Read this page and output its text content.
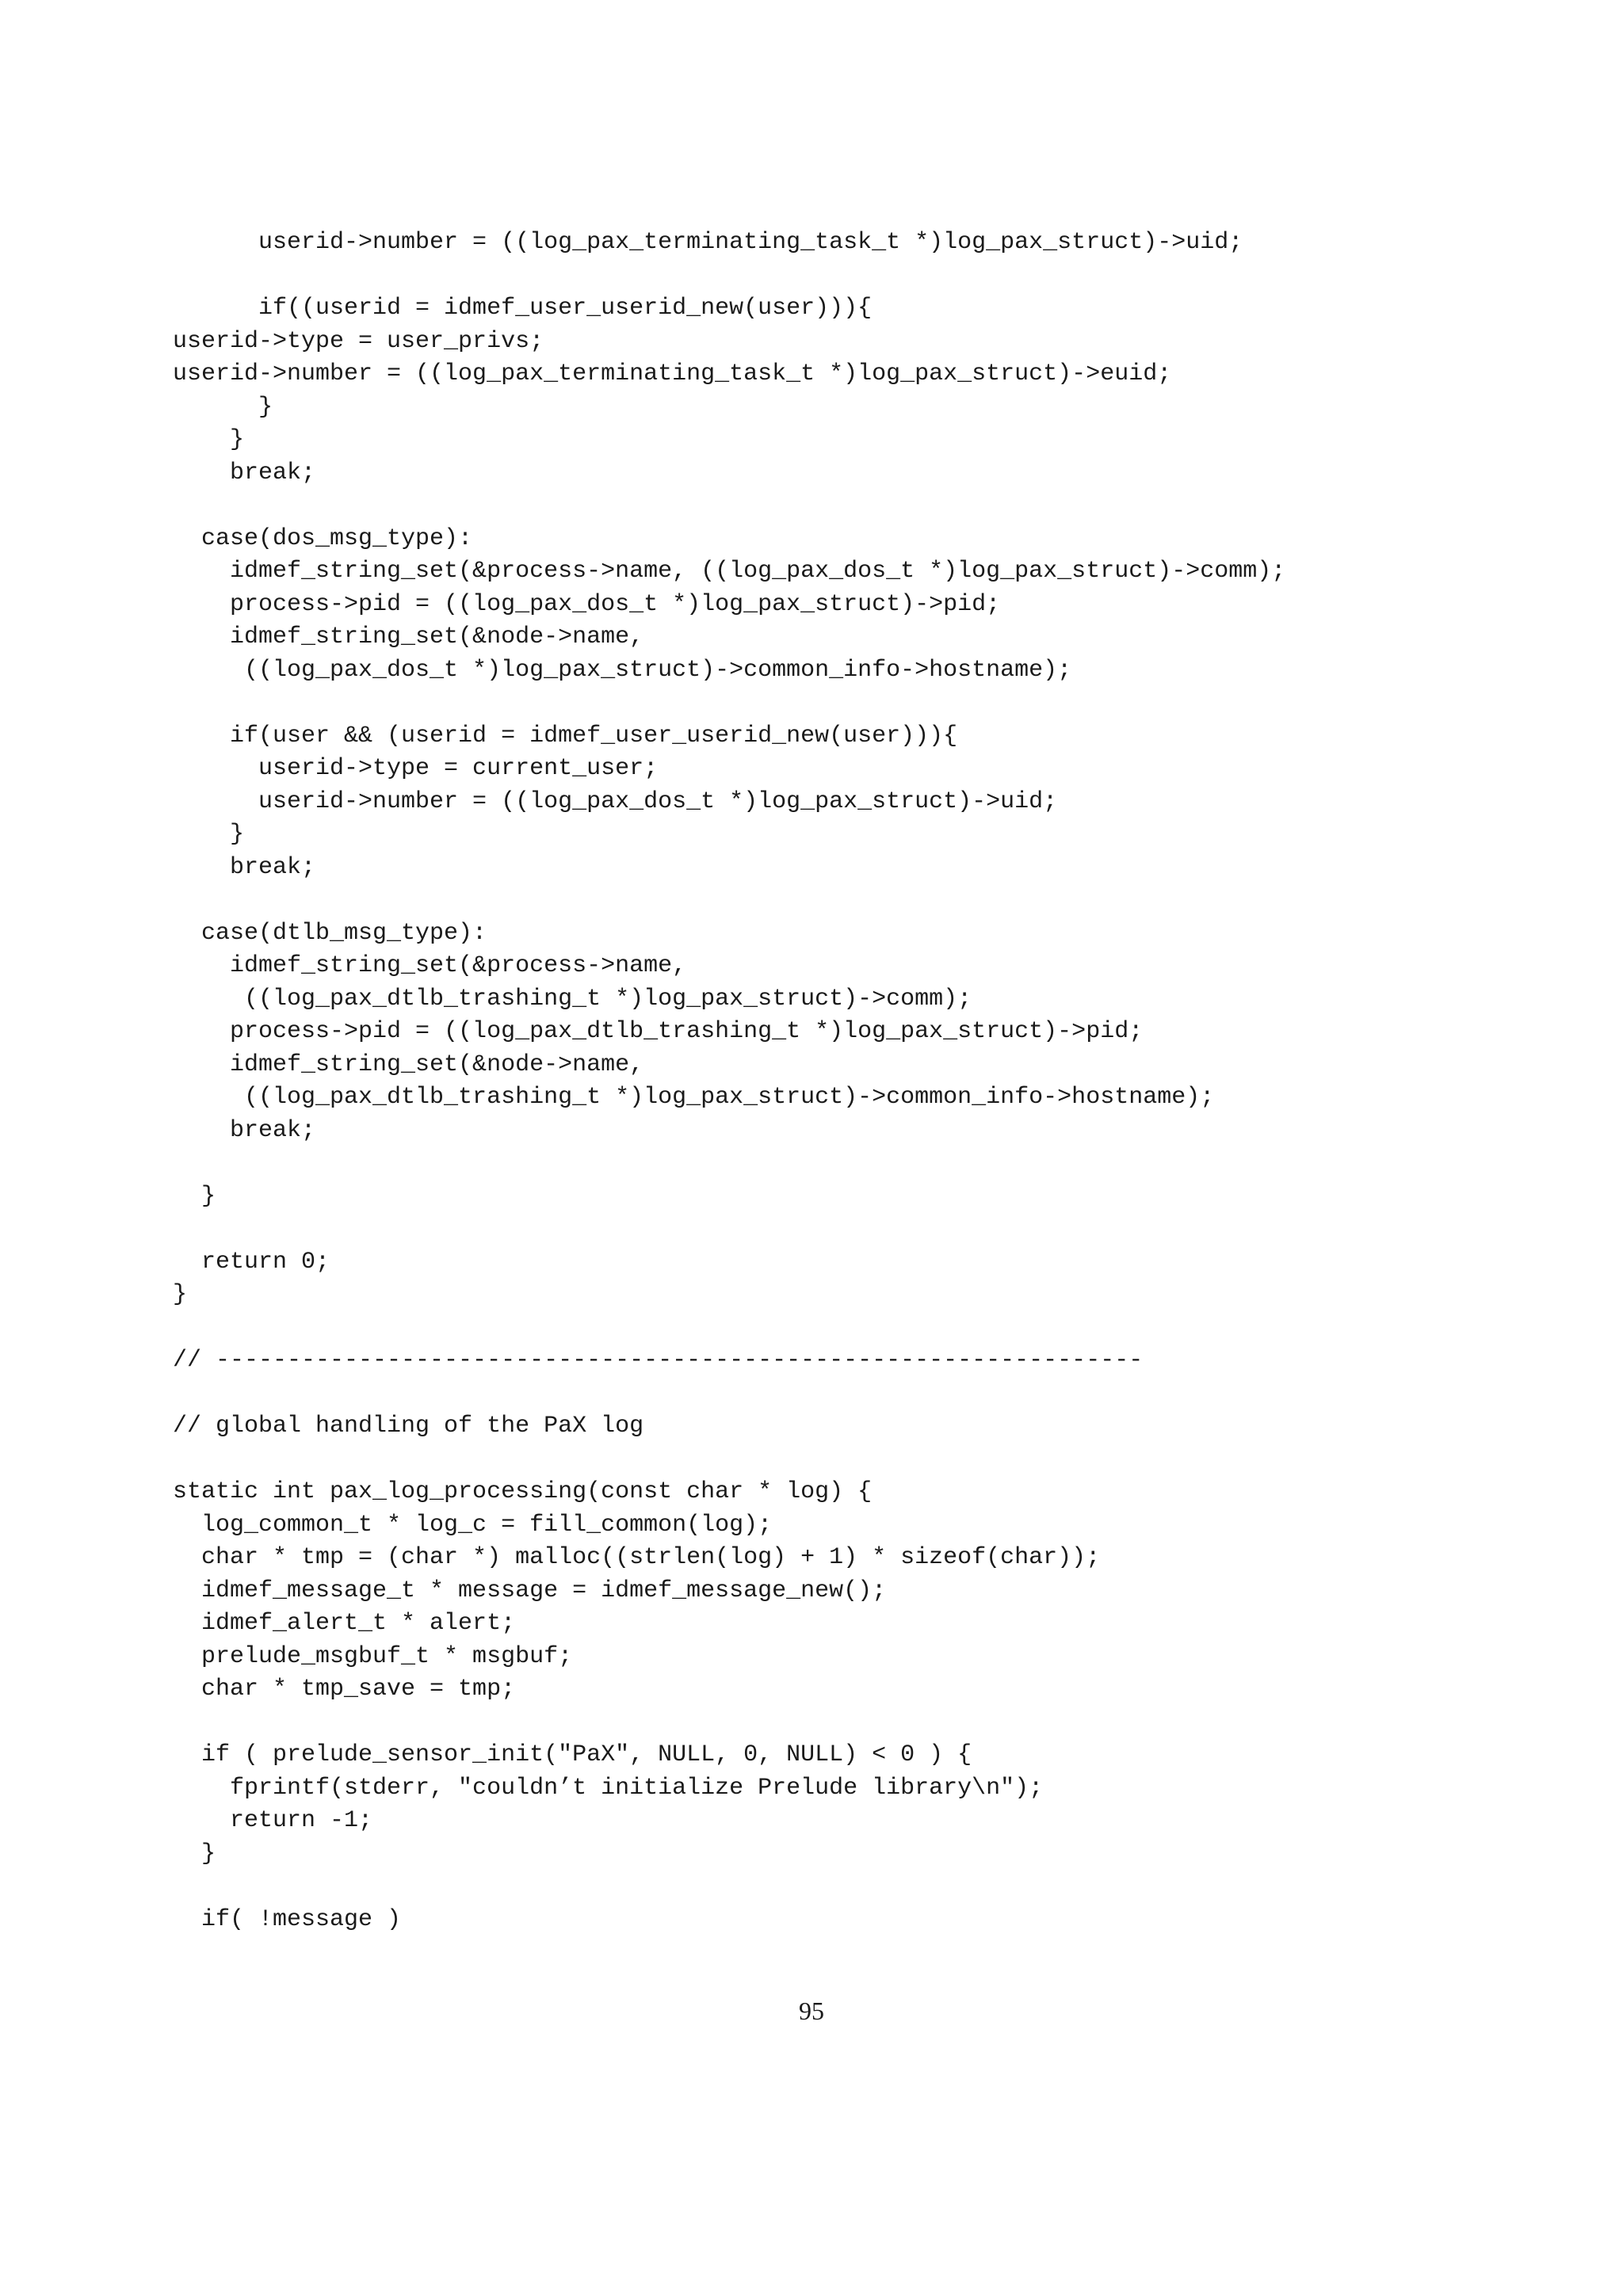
userid->number = ((log_pax_terminating_task_t *)log_pax_struct)->uid;
if((userid = idmef_user_userid_new(user))){
userid->type = user_privs;
userid->number = ((log_pax_terminating_task_t *)log_pax_struct)->euid;
}
}
break;
case(dos_msg_type):
idmef_string_set(&process->name, ((log_pax_dos_t *)log_pax_struct)->comm);
process->pid = ((log_pax_dos_t *)log_pax_struct)->pid;
idmef_string_set(&node->name,
((log_pax_dos_t *)log_pax_struct)->common_info->hostname);
if(user && (userid = idmef_user_userid_new(user))){
userid->type = current_user;
userid->number = ((log_pax_dos_t *)log_pax_struct)->uid;
}
break;
case(dtlb_msg_type):
idmef_string_set(&process->name,
((log_pax_dtlb_trashing_t *)log_pax_struct)->comm);
process->pid = ((log_pax_dtlb_trashing_t *)log_pax_struct)->pid;
idmef_string_set(&node->name,
((log_pax_dtlb_trashing_t *)log_pax_struct)->common_info->hostname);
break;
}
return 0;
}
// -----------------------------------------------------------------
// global handling of the PaX log
static int pax_log_processing(const char * log) {
log_common_t * log_c = fill_common(log);
char * tmp = (char *) malloc((strlen(log) + 1) * sizeof(char));
idmef_message_t * message = idmef_message_new();
idmef_alert_t * alert;
prelude_msgbuf_t * msgbuf;
char * tmp_save = tmp;
if ( prelude_sensor_init("PaX", NULL, 0, NULL) < 0 ) {
fprintf(stderr, "couldn’t initialize Prelude library\n");
return -1;
}
if( !message )
95
